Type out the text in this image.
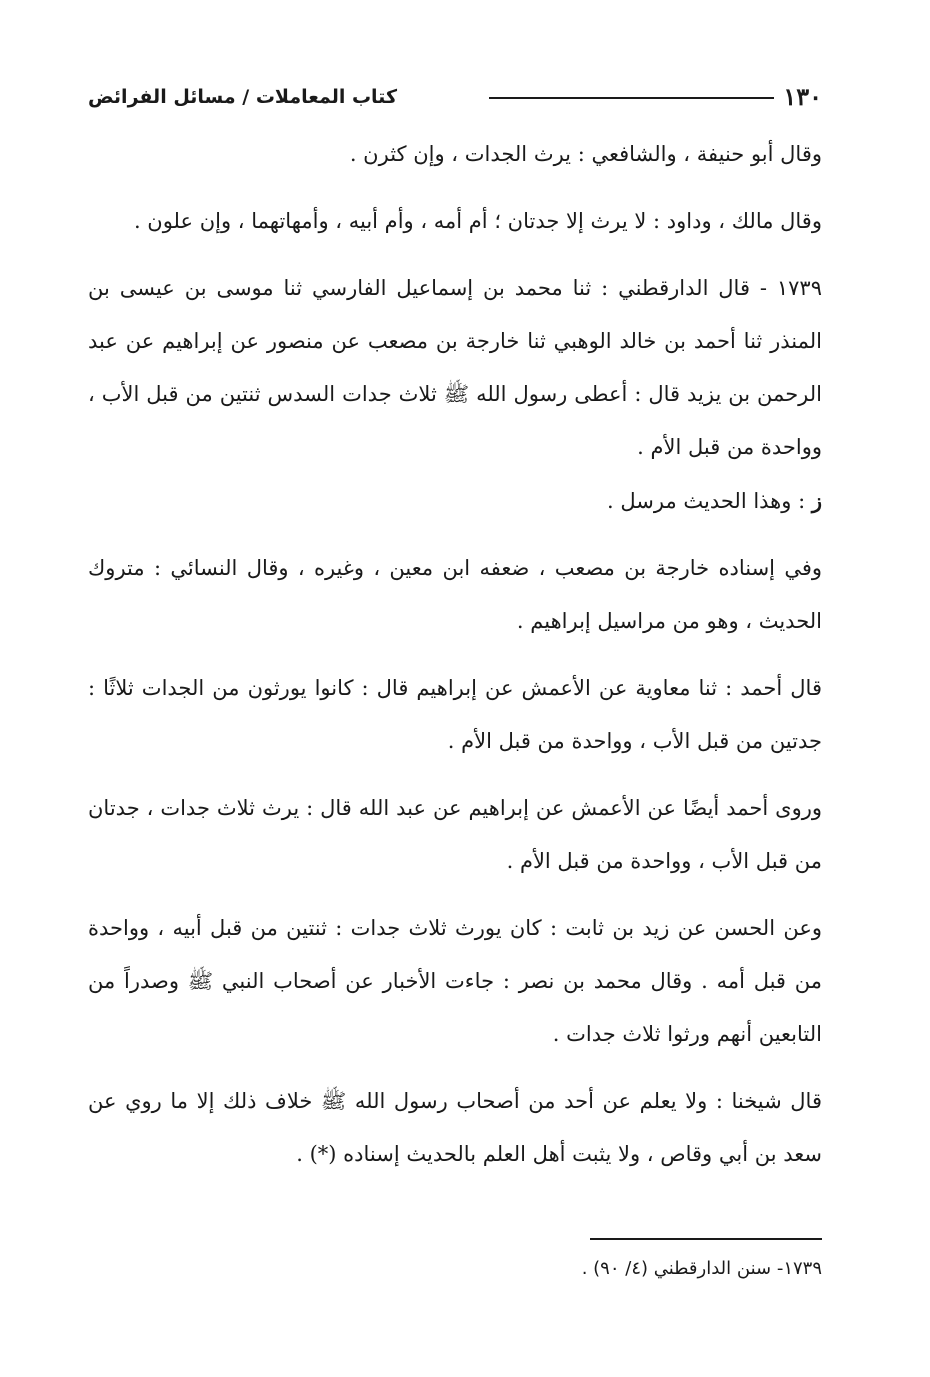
١٣٠
كتاب المعاملات / مسائل الفرائض

وقال أبو حنيفة ، والشافعي : يرث الجدات ، وإن كثرن .

وقال مالك ، وداود : لا يرث إلا جدتان ؛ أم أمه ، وأم أبيه ، وأمهاتهما ، وإن علون .

١٧٣٩ - قال الدارقطني : ثنا محمد بن إسماعيل الفارسي ثنا موسى بن عيسى بن المنذر ثنا أحمد بن خالد الوهبي ثنا خارجة بن مصعب عن منصور عن إبراهيم عن عبد الرحمن بن يزيد قال : أعطى رسول الله ﷺ ثلاث جدات السدس ثنتين من قبل الأب ، وواحدة من قبل الأم .

ز : وهذا الحديث مرسل .

وفي إسناده خارجة بن مصعب ، ضعفه ابن معين ، وغيره ، وقال النسائي : متروك الحديث ، وهو من مراسيل إبراهيم .

قال أحمد : ثنا معاوية عن الأعمش عن إبراهيم قال : كانوا يورثون من الجدات ثلاثًا : جدتين من قبل الأب ، وواحدة من قبل الأم .

وروى أحمد أيضًا عن الأعمش عن إبراهيم عن عبد الله قال : يرث ثلاث جدات ، جدتان من قبل الأب ، وواحدة من قبل الأم .

وعن الحسن عن زيد بن ثابت : كان يورث ثلاث جدات : ثنتين من قبل أبيه ، وواحدة من قبل أمه . وقال محمد بن نصر : جاءت الأخبار عن أصحاب النبي ﷺ وصدراً من التابعين أنهم ورثوا ثلاث جدات .

قال شيخنا : ولا يعلم عن أحد من أصحاب رسول الله ﷺ خلاف ذلك إلا ما روي عن سعد بن أبي وقاص ، ولا يثبت أهل العلم بالحديث إسناده (*) .

١٧٣٩- سنن الدارقطني (٤/ ٩٠) .
